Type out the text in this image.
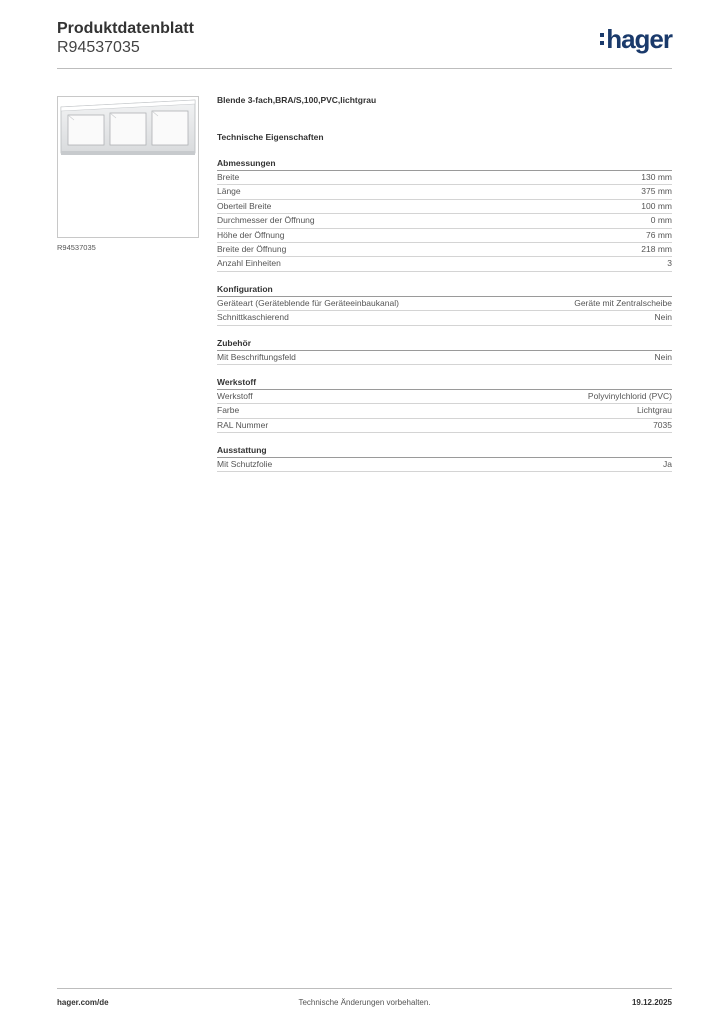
Produktdatenblatt
R94537035	hager
R94537035
Blende 3-fach,BRA/S,100,PVC,lichtgrau
Technische Eigenschaften
Abmessungen
Breite	130 mm
Länge	375 mm
Oberteil Breite	100 mm
Durchmesser der Öffnung	0 mm
Höhe der Öffnung	76 mm
Breite der Öffnung	218 mm
Anzahl Einheiten	3
Konfiguration
Geräteart (Geräteblende für Geräteeinbaukanal)	Geräte mit Zentralscheibe
Schnittkaschierend	Nein
Zubehör
Mit Beschriftungsfeld	Nein
Werkstoff
Werkstoff	Polyvinylchlorid (PVC)
Farbe	Lichtgrau
RAL Nummer	7035
Ausstattung
Mit Schutzfolie	Ja
hager.com/de	Technische Änderungen vorbehalten.	19.12.2025
